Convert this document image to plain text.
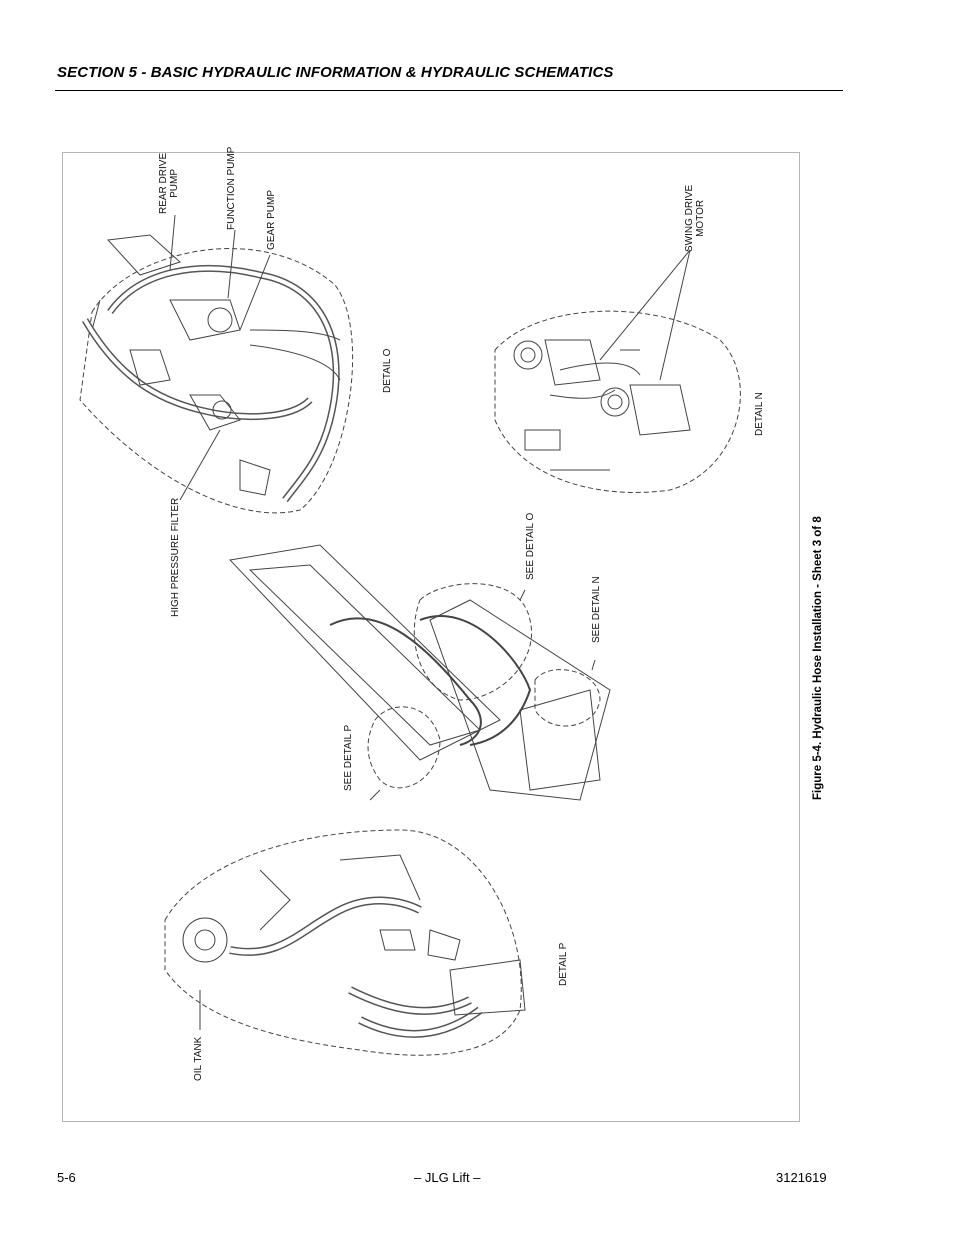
SECTION 5 - BASIC HYDRAULIC INFORMATION & HYDRAULIC SCHEMATICS
REAR DRIVE PUMP	FUNCTION PUMP	GEAR PUMP
DETAIL O
HIGH PRESSURE FILTER
SWING DRIVE MOTOR
DETAIL N
SEE DETAIL O
SEE DETAIL N
SEE DETAIL P
OIL TANK
DETAIL P
Figure 5-4. Hydraulic Hose Installation - Sheet 3 of 8
5-6	– JLG Lift –	3121619
